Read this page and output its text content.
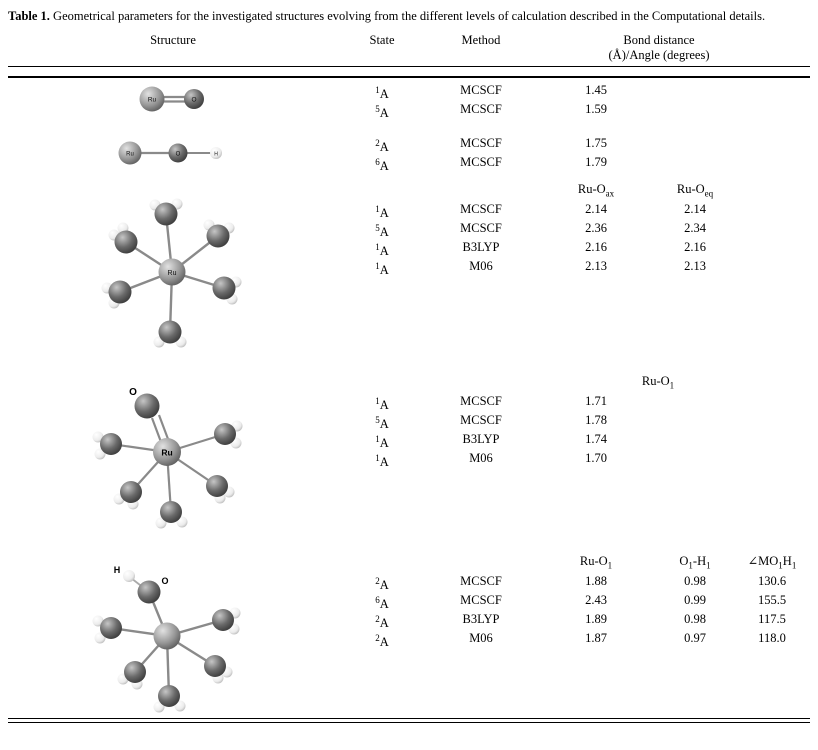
Table 1. Geometrical parameters for the investigated structures evolving from the different levels of calculation described in the Computational details.
Structure	State	Method	Bond distance
(Å)/Angle (degrees)
Ru	O
$^1$A	MCSCF	1.45
$^5$A	MCSCF	1.59
Ru	O	H
$^2$A	MCSCF	1.75
$^6$A	MCSCF	1.79
Ru
$Ru-O_{ax}$	$Ru-O_{eq}$
$^1$A	MCSCF	2.14	2.14
$^5$A	MCSCF	2.36	2.34
$^1$A	B3LYP	2.16	2.16
$^1$A	M06	2.13	2.13
O
Ru
$Ru-O_1$
$^1$A	MCSCF	1.71
$^5$A	MCSCF	1.78
$^1$A	B3LYP	1.74
$^1$A	M06	1.70
H
O
$Ru-O_1$	$O_1-H_1$	$\angle MO_1H_1$
$^2$A	MCSCF	1.88	0.98	130.6
$^6$A	MCSCF	2.43	0.99	155.5
$^2$A	B3LYP	1.89	0.98	117.5
$^2$A	M06	1.87	0.97	118.0
